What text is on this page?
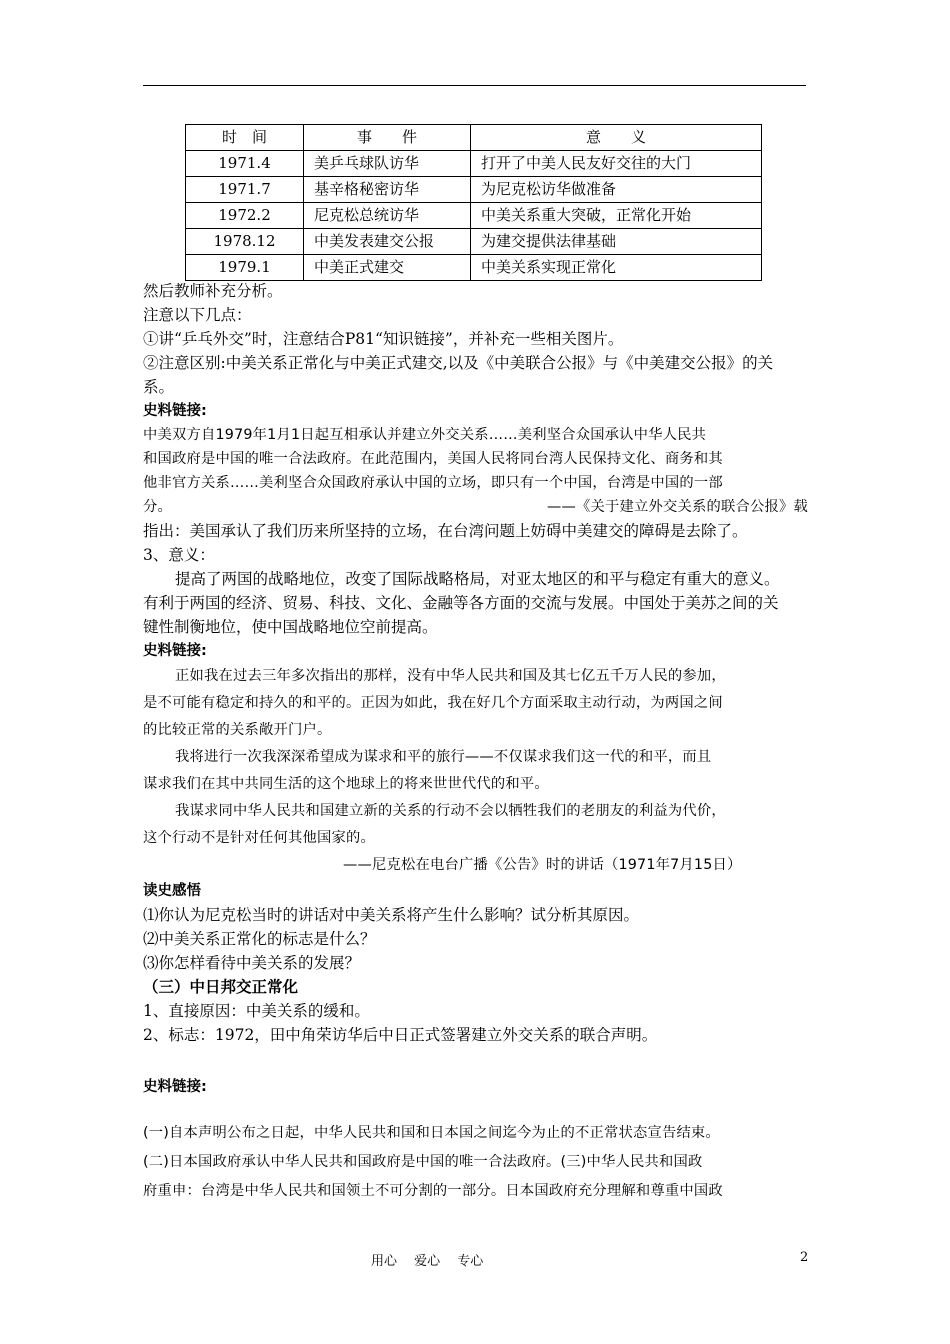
时　间	事　　件	意　　义
1971.4	美乒乓球队访华	打开了中美人民友好交往的大门
1971.7	基辛格秘密访华	为尼克松访华做准备
1972.2	尼克松总统访华	中美关系重大突破，正常化开始
1978.12	中美发表建交公报	为建交提供法律基础
1979.1	中美正式建交	中美关系实现正常化
然后教师补充分析。
注意以下几点：
①讲“乒乓外交”时，注意结合P81“知识链接”，并补充一些相关图片。
②注意区别:中美关系正常化与中美正式建交,以及《中美联合公报》与《中美建交公报》的关
系。
史料链接:
中美双方自1979年1月1日起互相承认并建立外交关系……美利坚合众国承认中华人民共
和国政府是中国的唯一合法政府。在此范围内，美国人民将同台湾人民保持文化、商务和其
他非官方关系……美利坚合众国政府承认中国的立场，即只有一个中国，台湾是中国的一部
分。	——《关于建立外交关系的联合公报》载
指出：美国承认了我们历来所坚持的立场，在台湾问题上妨碍中美建交的障碍是去除了。
3、意义：
提高了两国的战略地位，改变了国际战略格局，对亚太地区的和平与稳定有重大的意义。
有利于两国的经济、贸易、科技、文化、金融等各方面的交流与发展。中国处于美苏之间的关
键性制衡地位，使中国战略地位空前提高。
史料链接:
正如我在过去三年多次指出的那样，没有中华人民共和国及其七亿五千万人民的参加，
是不可能有稳定和持久的和平的。正因为如此，我在好几个方面采取主动行动，为两国之间
的比较正常的关系敞开门户。
我将进行一次我深深希望成为谋求和平的旅行——不仅谋求我们这一代的和平，而且
谋求我们在其中共同生活的这个地球上的将来世世代代的和平。
我谋求同中华人民共和国建立新的关系的行动不会以牺牲我们的老朋友的利益为代价，
这个行动不是针对任何其他国家的。
——尼克松在电台广播《公告》时的讲话（1971年7月15日）
读史感悟
⑴你认为尼克松当时的讲话对中美关系将产生什么影响？试分析其原因。
⑵中美关系正常化的标志是什么？
⑶你怎样看待中美关系的发展？
（三）中日邦交正常化
1、直接原因：中美关系的缓和。
2、标志：1972，田中角荣访华后中日正式签署建立外交关系的联合声明。
史料链接:
(一)自本声明公布之日起，中华人民共和国和日本国之间迄今为止的不正常状态宣告结束。
(二)日本国政府承认中华人民共和国政府是中国的唯一合法政府。(三)中华人民共和国政
府重申：台湾是中华人民共和国领土不可分割的一部分。日本国政府充分理解和尊重中国政
用心　 爱心 　专心	2
